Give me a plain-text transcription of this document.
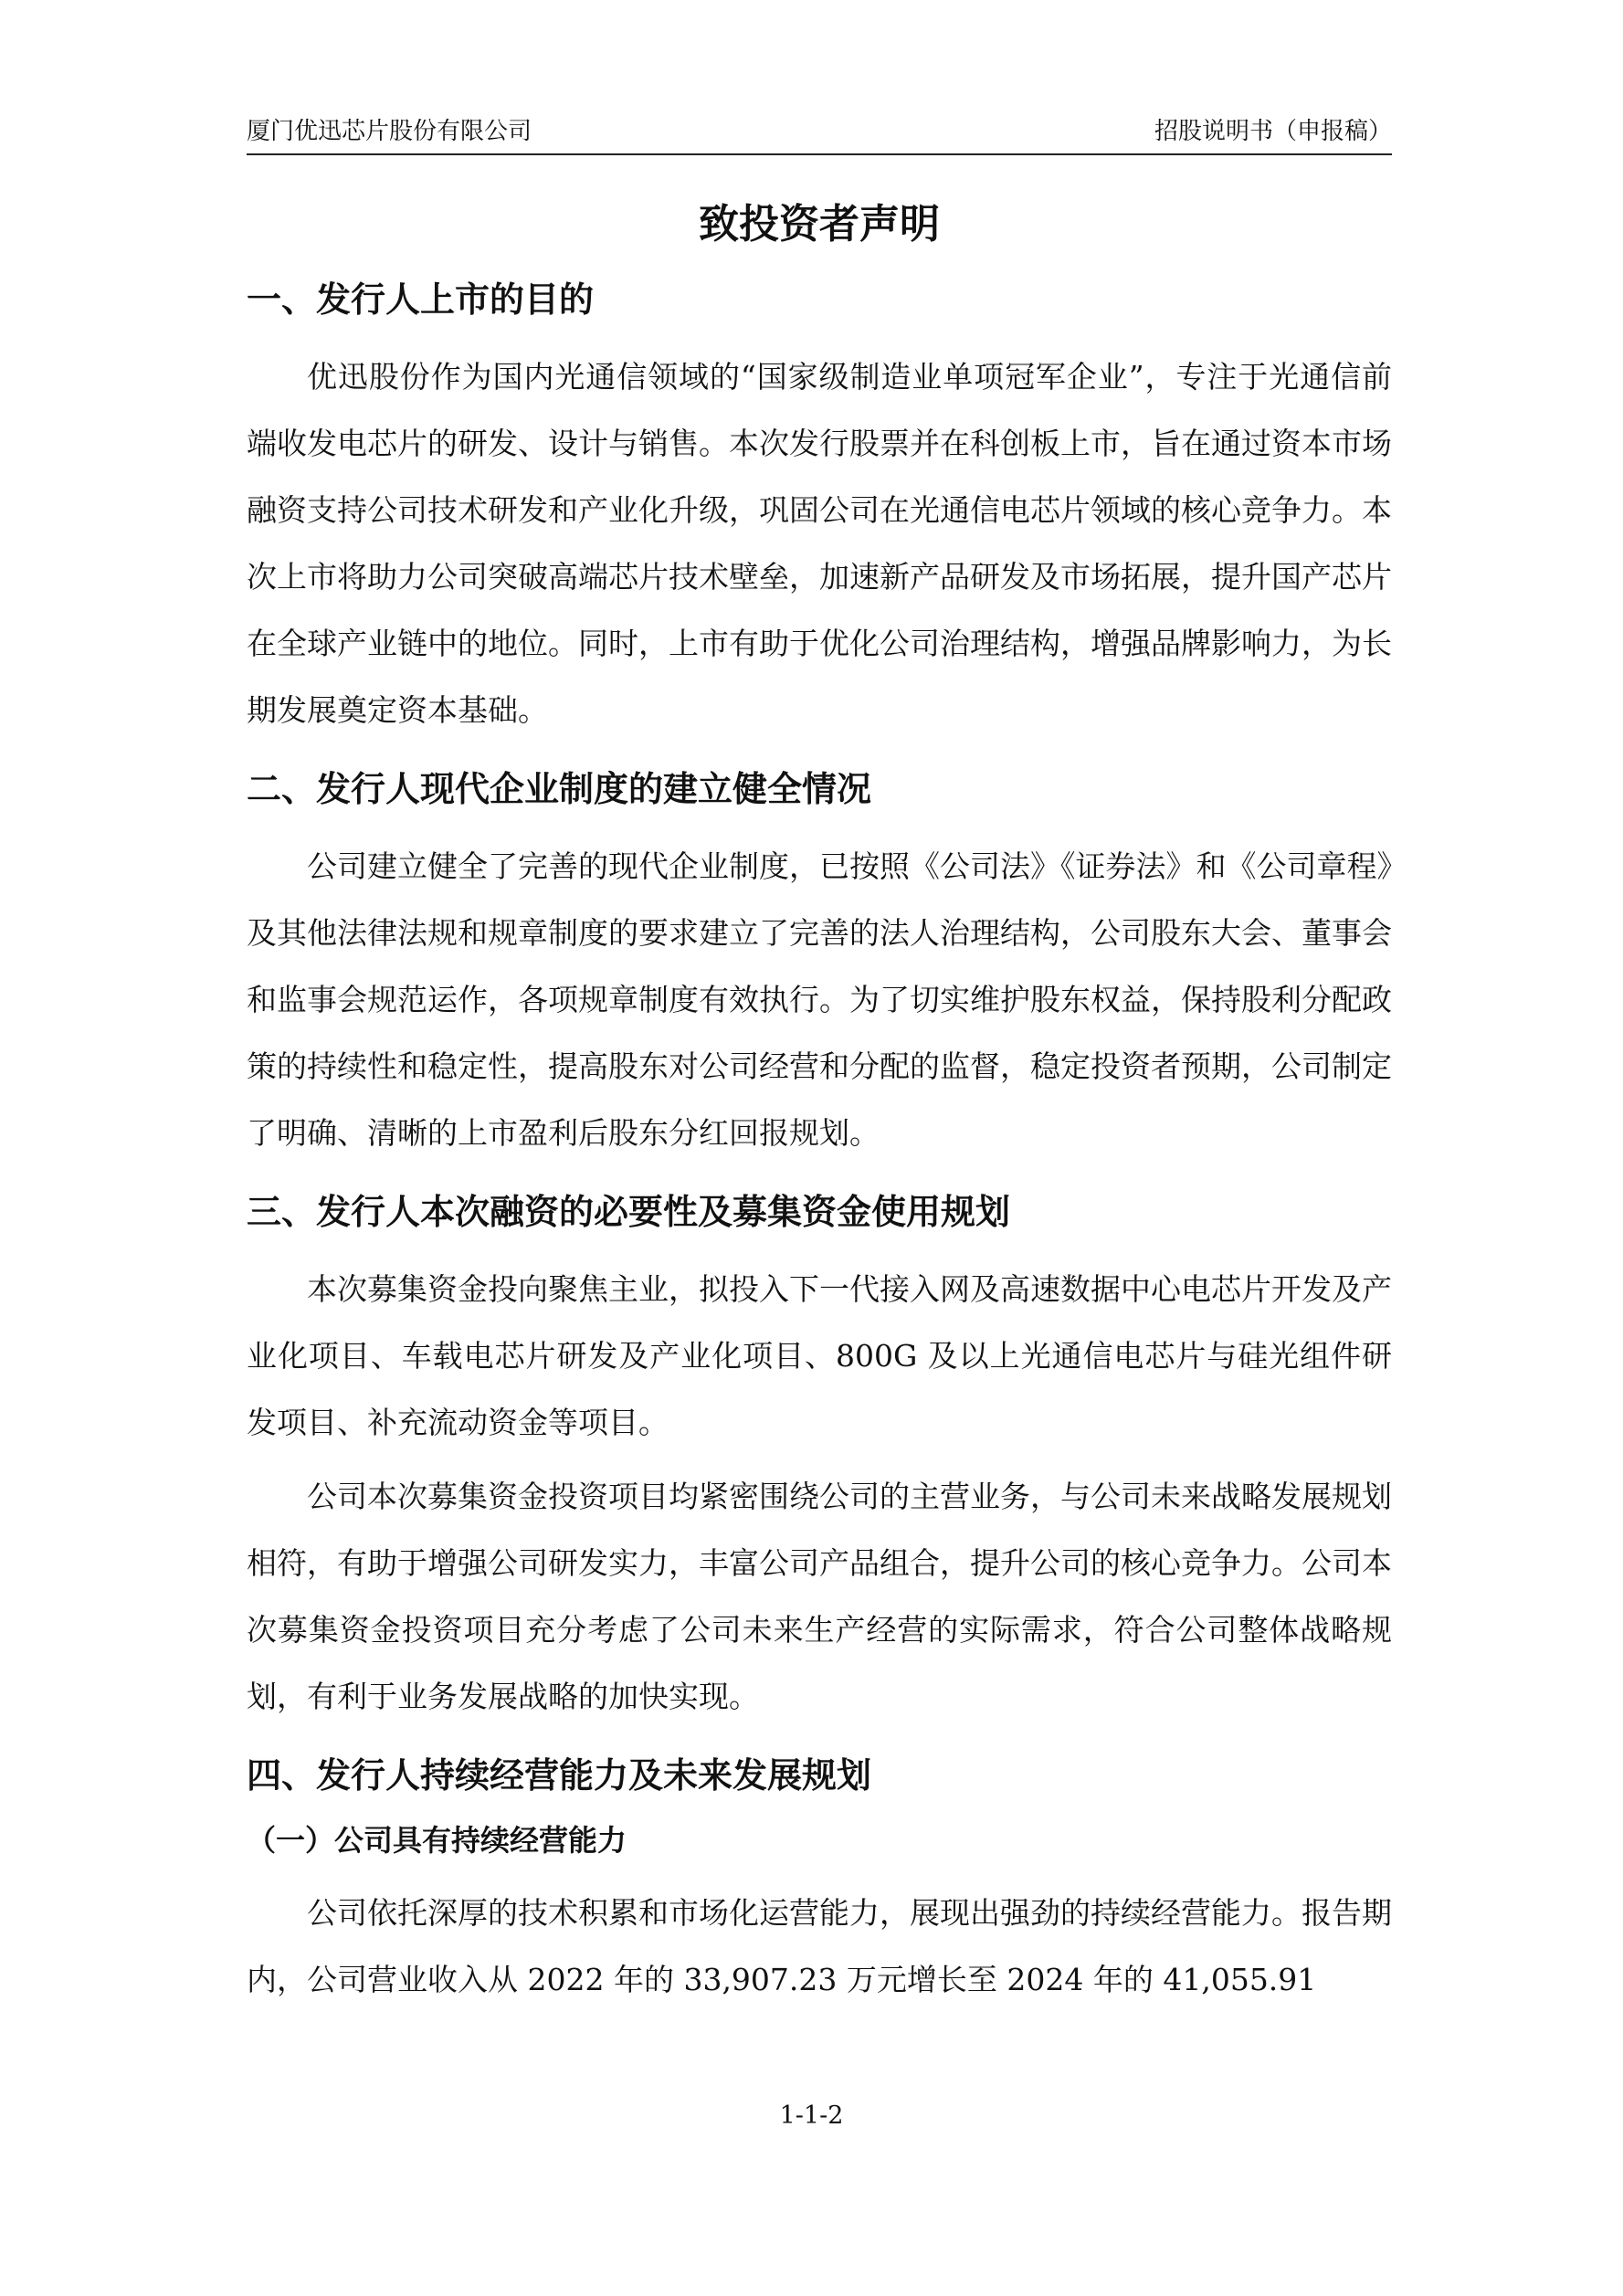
厦门优迅芯片股份有限公司	招股说明书（申报稿）
致投资者声明
一、发行人上市的目的

优迅股份作为国内光通信领域的“国家级制造业单项冠军企业”，专注于光通信前端收发电芯片的研发、设计与销售。本次发行股票并在科创板上市，旨在通过资本市场融资支持公司技术研发和产业化升级，巩固公司在光通信电芯片领域的核心竞争力。本次上市将助力公司突破高端芯片技术壁垒，加速新产品研发及市场拓展，提升国产芯片在全球产业链中的地位。同时，上市有助于优化公司治理结构，增强品牌影响力，为长期发展奠定资本基础。

二、发行人现代企业制度的建立健全情况

公司建立健全了完善的现代企业制度，已按照《公司法》《证券法》和《公司章程》及其他法律法规和规章制度的要求建立了完善的法人治理结构，公司股东大会、董事会和监事会规范运作，各项规章制度有效执行。为了切实维护股东权益，保持股利分配政策的持续性和稳定性，提高股东对公司经营和分配的监督，稳定投资者预期，公司制定了明确、清晰的上市盈利后股东分红回报规划。

三、发行人本次融资的必要性及募集资金使用规划

本次募集资金投向聚焦主业，拟投入下一代接入网及高速数据中心电芯片开发及产业化项目、车载电芯片研发及产业化项目、800G 及以上光通信电芯片与硅光组件研发项目、补充流动资金等项目。

公司本次募集资金投资项目均紧密围绕公司的主营业务，与公司未来战略发展规划相符，有助于增强公司研发实力，丰富公司产品组合，提升公司的核心竞争力。公司本次募集资金投资项目充分考虑了公司未来生产经营的实际需求，符合公司整体战略规划，有利于业务发展战略的加快实现。

四、发行人持续经营能力及未来发展规划
（一）公司具有持续经营能力

公司依托深厚的技术积累和市场化运营能力，展现出强劲的持续经营能力。报告期内，公司营业收入从 2022 年的 33,907.23 万元增长至 2024 年的 41,055.91

1-1-2
